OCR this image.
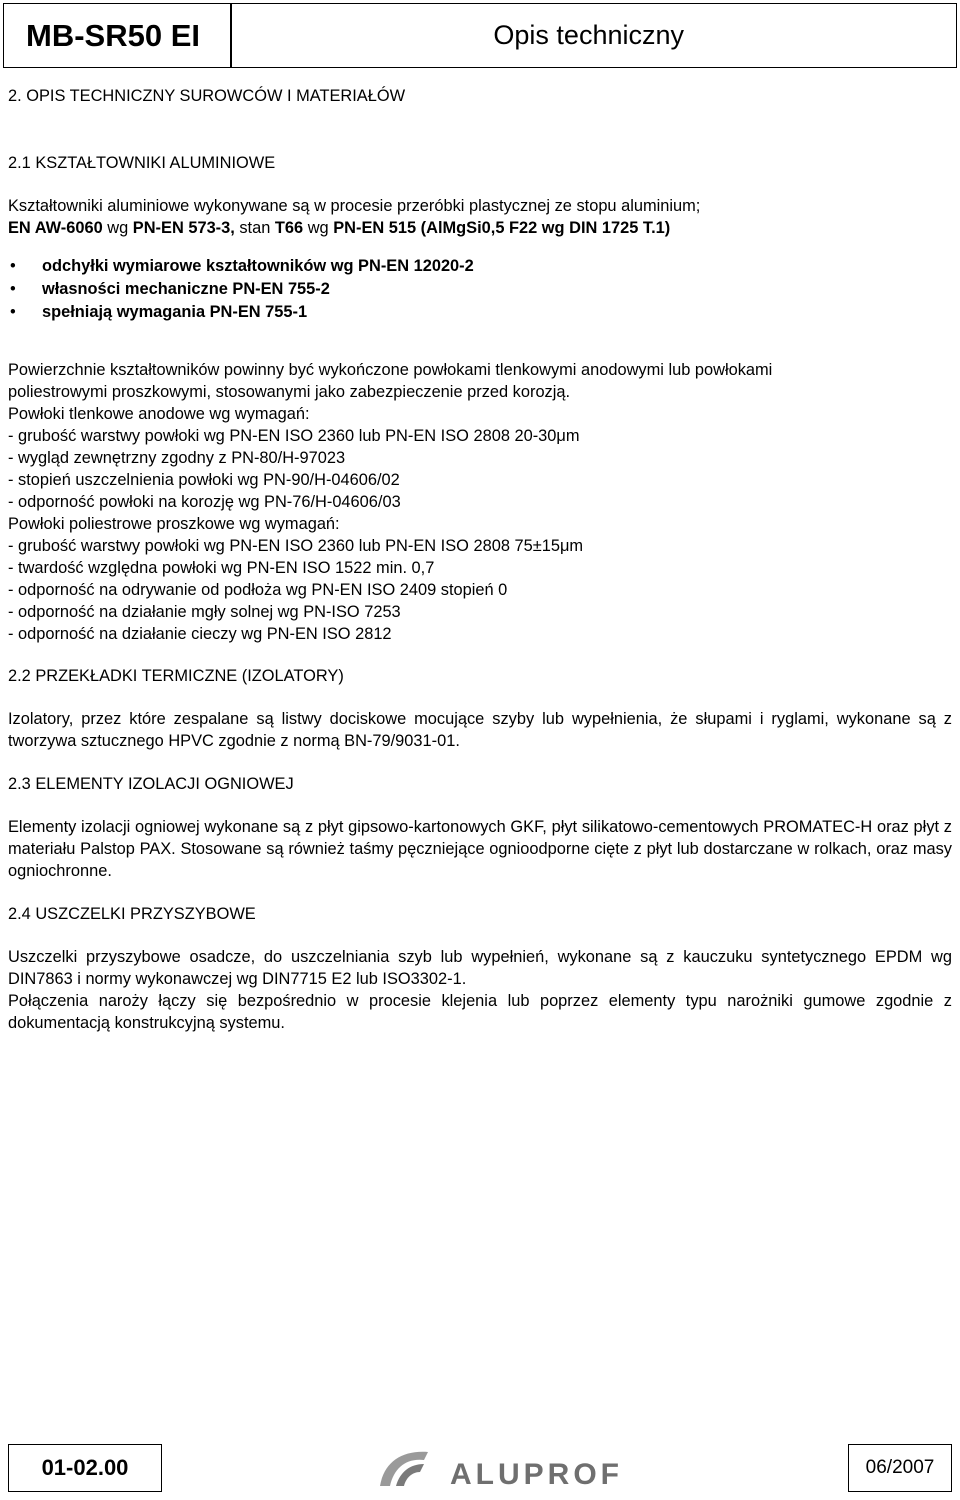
MB-SR50 EI	Opis techniczny

2. OPIS TECHNICZNY SUROWCÓW I MATERIAŁÓW

2.1 KSZTAŁTOWNIKI ALUMINIOWE

Kształtowniki aluminiowe wykonywane są w procesie przeróbki plastycznej ze stopu aluminium;
EN AW-6060 wg PN-EN 573-3, stan T66 wg PN-EN 515 (AlMgSi0,5 F22 wg DIN 1725 T.1)
• odchyłki wymiarowe kształtowników wg PN-EN 12020-2
• własności mechaniczne PN-EN 755-2
• spełniają wymagania PN-EN 755-1
Powierzchnie kształtowników powinny być wykończone powłokami tlenkowymi anodowymi lub powłokami
poliestrowymi proszkowymi, stosowanymi jako zabezpieczenie przed korozją.
Powłoki tlenkowe anodowe wg wymagań:
- grubość warstwy powłoki wg PN-EN ISO 2360 lub PN-EN ISO 2808 20-30μm
- wygląd zewnętrzny zgodny z PN-80/H-97023
- stopień uszczelnienia powłoki wg PN-90/H-04606/02
- odporność powłoki na korozję wg PN-76/H-04606/03
Powłoki poliestrowe proszkowe wg wymagań:
- grubość warstwy powłoki wg PN-EN ISO 2360 lub PN-EN ISO 2808 75±15μm
- twardość względna powłoki wg PN-EN ISO 1522 min. 0,7
- odporność na odrywanie od podłoża wg PN-EN ISO 2409 stopień 0
- odporność na działanie mgły solnej wg PN-ISO 7253
- odporność na działanie cieczy wg PN-EN ISO 2812

2.2 PRZEKŁADKI TERMICZNE (IZOLATORY)

Izolatory, przez które zespalane są listwy dociskowe mocujące szyby lub wypełnienia, że słupami i ryglami, wykonane są z tworzywa sztucznego HPVC zgodnie z normą BN-79/9031-01.

2.3 ELEMENTY IZOLACJI OGNIOWEJ

Elementy izolacji ogniowej wykonane są z płyt gipsowo-kartonowych GKF, płyt silikatowo-cementowych PROMATEC-H oraz płyt z materiału Palstop PAX. Stosowane są również taśmy pęczniejące ognioodporne cięte z płyt lub dostarczane w rolkach, oraz masy ogniochronne.

2.4 USZCZELKI PRZYSZYBOWE

Uszczelki przyszybowe osadcze, do uszczelniania szyb lub wypełnień, wykonane są z kauczuku syntetycznego EPDM wg DIN7863 i normy wykonawczej wg DIN7715 E2 lub ISO3302-1.

Połączenia naroży łączy się bezpośrednio w procesie klejenia lub poprzez elementy typu narożniki gumowe zgodnie z dokumentacją konstrukcyjną systemu.

01-02.00	ALUPROF	06/2007
